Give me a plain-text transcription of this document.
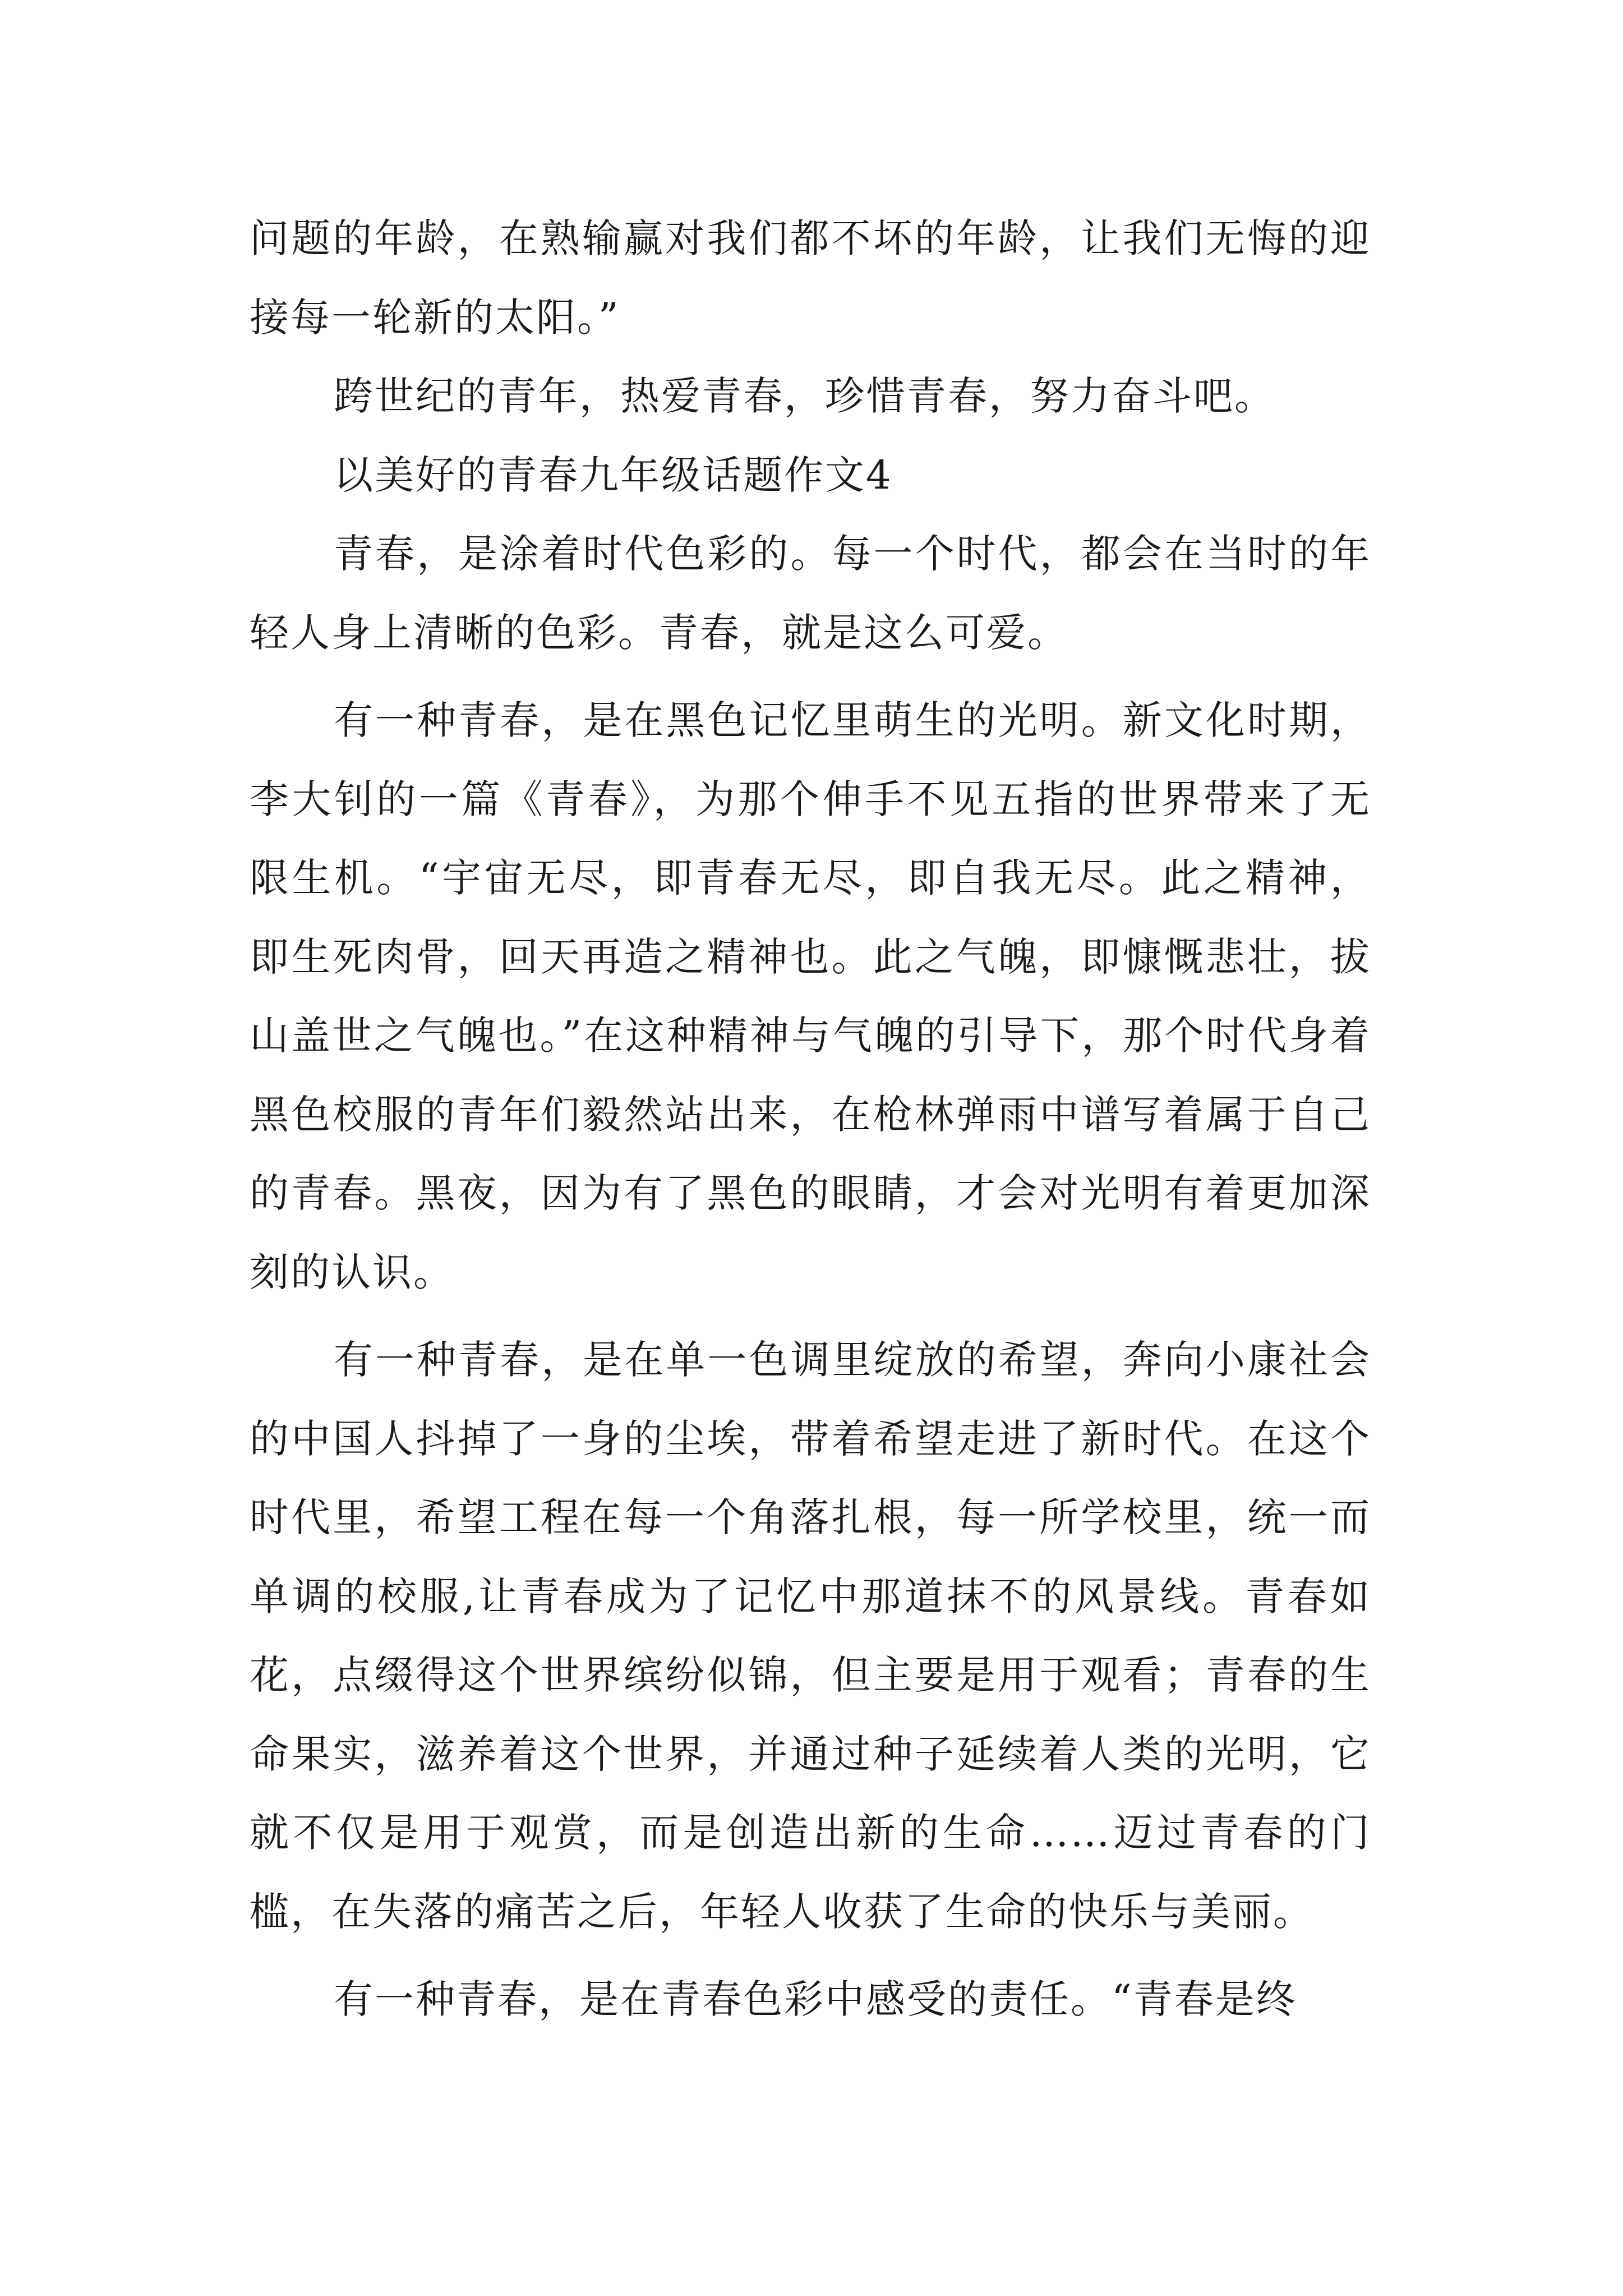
问题的年龄，在熟输赢对我们都不坏的年龄，让我们无悔的迎接每一轮新的太阳。”

跨世纪的青年，热爱青春，珍惜青春，努力奋斗吧。

以美好的青春九年级话题作文4

青春，是涂着时代色彩的。每一个时代，都会在当时的年轻人身上清晰的色彩。青春，就是这么可爱。

有一种青春，是在黑色记忆里萌生的光明。新文化时期，李大钊的一篇《青春》，为那个伸手不见五指的世界带来了无限生机。“宇宙无尽，即青春无尽，即自我无尽。此之精神，即生死肉骨，回天再造之精神也。此之气魄，即慷慨悲壮，拔山盖世之气魄也。”在这种精神与气魄的引导下，那个时代身着黑色校服的青年们毅然站出来，在枪林弹雨中谱写着属于自己的青春。黑夜，因为有了黑色的眼睛，才会对光明有着更加深刻的认识。

有一种青春，是在单一色调里绽放的希望，奔向小康社会的中国人抖掉了一身的尘埃，带着希望走进了新时代。在这个时代里，希望工程在每一个角落扎根，每一所学校里，统一而单调的校服,让青春成为了记忆中那道抹不的风景线。青春如花，点缀得这个世界缤纷似锦，但主要是用于观看；青春的生命果实，滋养着这个世界，并通过种子延续着人类的光明，它就不仅是用于观赏，而是创造出新的生命……迈过青春的门槛，在失落的痛苦之后，年轻人收获了生命的快乐与美丽。

有一种青春，是在青春色彩中感受的责任。“青春是终
